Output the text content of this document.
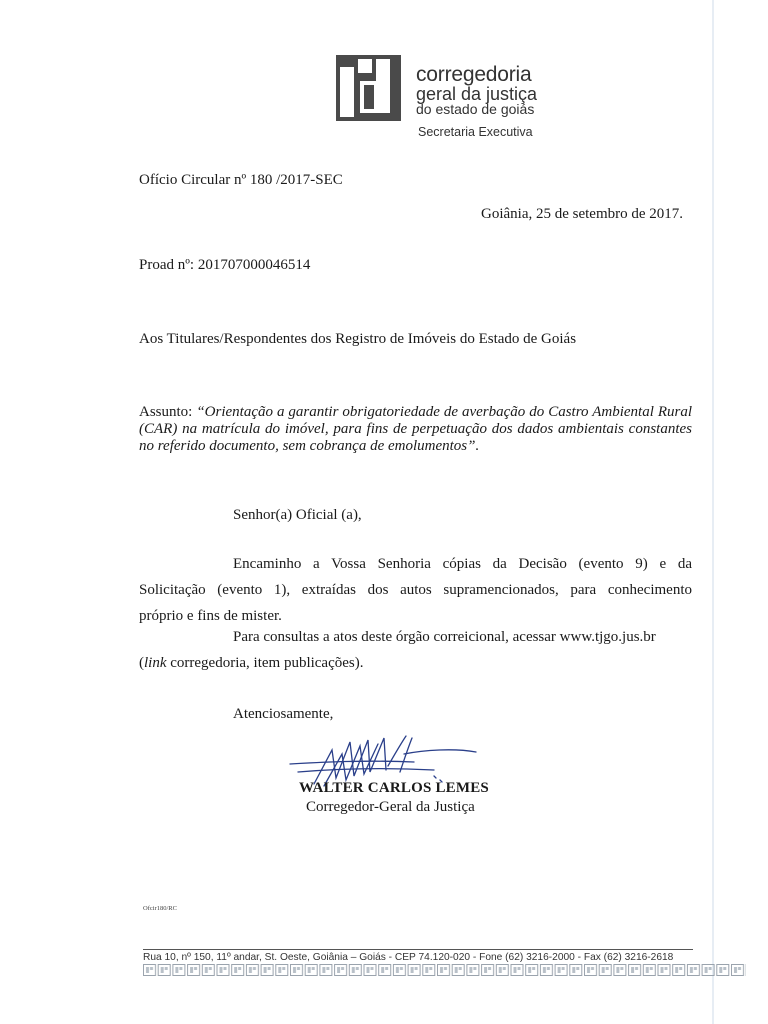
corregedoria
geral da justiça
do estado de goiás
Secretaria Executiva
Ofício Circular nº 180 /2017-SEC
Goiânia, 25 de setembro de 2017.
Proad nº: 201707000046514
Aos Titulares/Respondentes dos Registro de Imóveis do Estado de Goiás
Assunto: “Orientação a garantir obrigatoriedade de averbação do Castro Ambiental Rural (CAR) na matrícula do imóvel, para fins de perpetuação dos dados ambientais constantes no referido documento, sem cobrança de emolumentos”.
Senhor(a) Oficial (a),
Encaminho a Vossa Senhoria cópias da Decisão (evento 9) e da
Solicitação (evento 1), extraídas dos autos supramencionados, para conhecimento
próprio e fins de mister.
Para consultas a atos deste órgão correicional, acessar www.tjgo.jus.br
(link corregedoria, item publicações).
Atenciosamente,
WALTER CARLOS LEMES
Corregedor-Geral da Justiça
Ofcir180/RC
Rua 10, nº 150, 11º andar, St. Oeste, Goiânia – Goiás - CEP 74.120-020 - Fone (62) 3216-2000 - Fax (62) 3216-2618
